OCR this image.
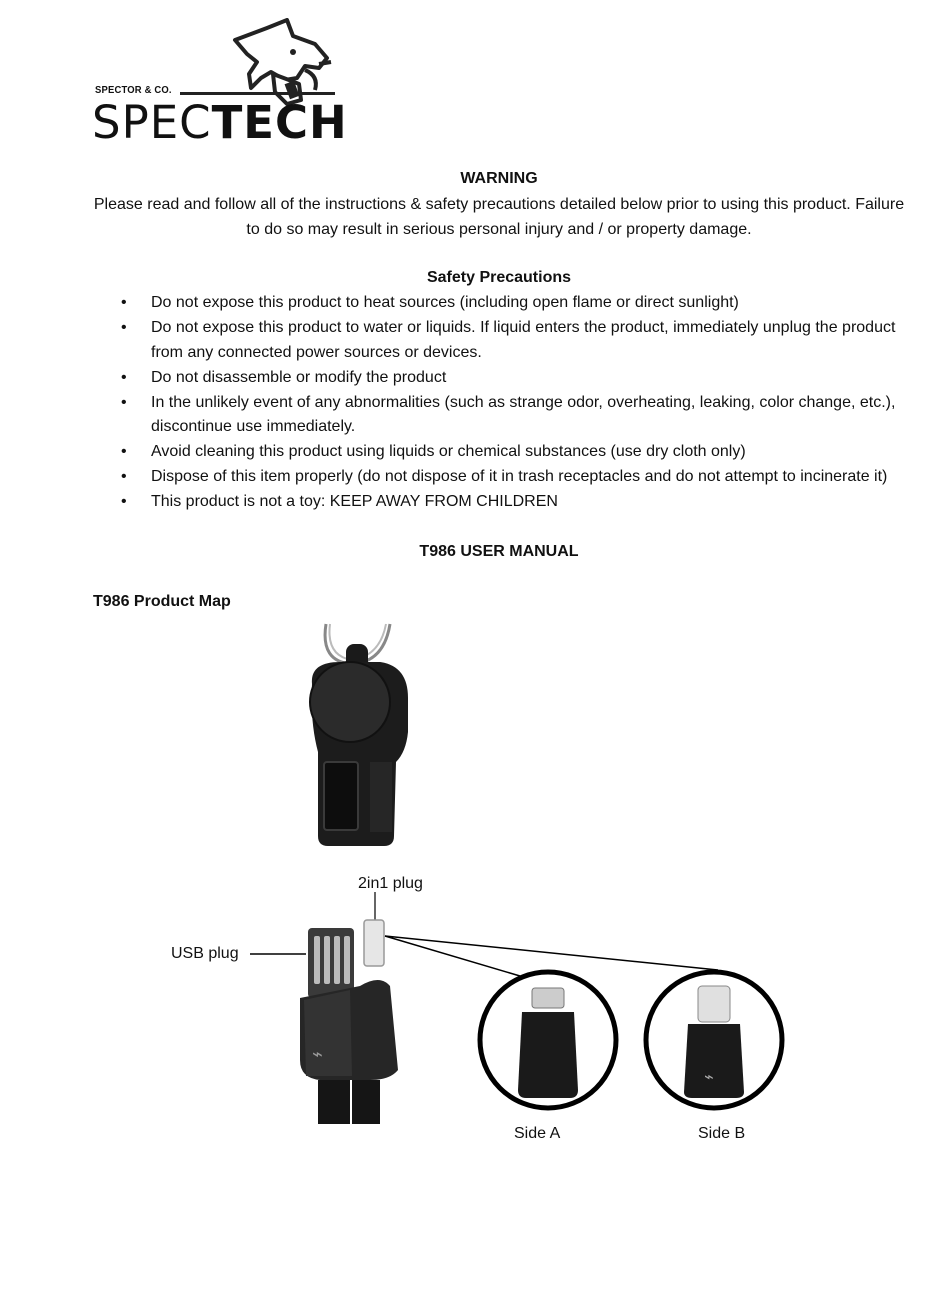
SPECTOR & CO.
SPECTECH
WARNING
Please read and follow all of the instructions & safety precautions detailed below prior to using this product. Failure to do so may result in serious personal injury and / or property damage.
Safety Precautions
• Do not expose this product to heat sources (including open flame or direct sunlight)
• Do not expose this product to water or liquids. If liquid enters the product, immediately unplug the product from any connected power sources or devices.
• Do not disassemble or modify the product
• In the unlikely event of any abnormalities (such as strange odor, overheating, leaking, color change, etc.), discontinue use immediately.
• Avoid cleaning this product using liquids or chemical substances (use dry cloth only)
• Dispose of this item properly (do not dispose of it in trash receptacles and do not attempt to incinerate it)
• This product is not a toy: KEEP AWAY FROM CHILDREN
T986 USER MANUAL
T986 Product Map
2in1 plug
USB plug
Side A	Side B
⌁
⌁
